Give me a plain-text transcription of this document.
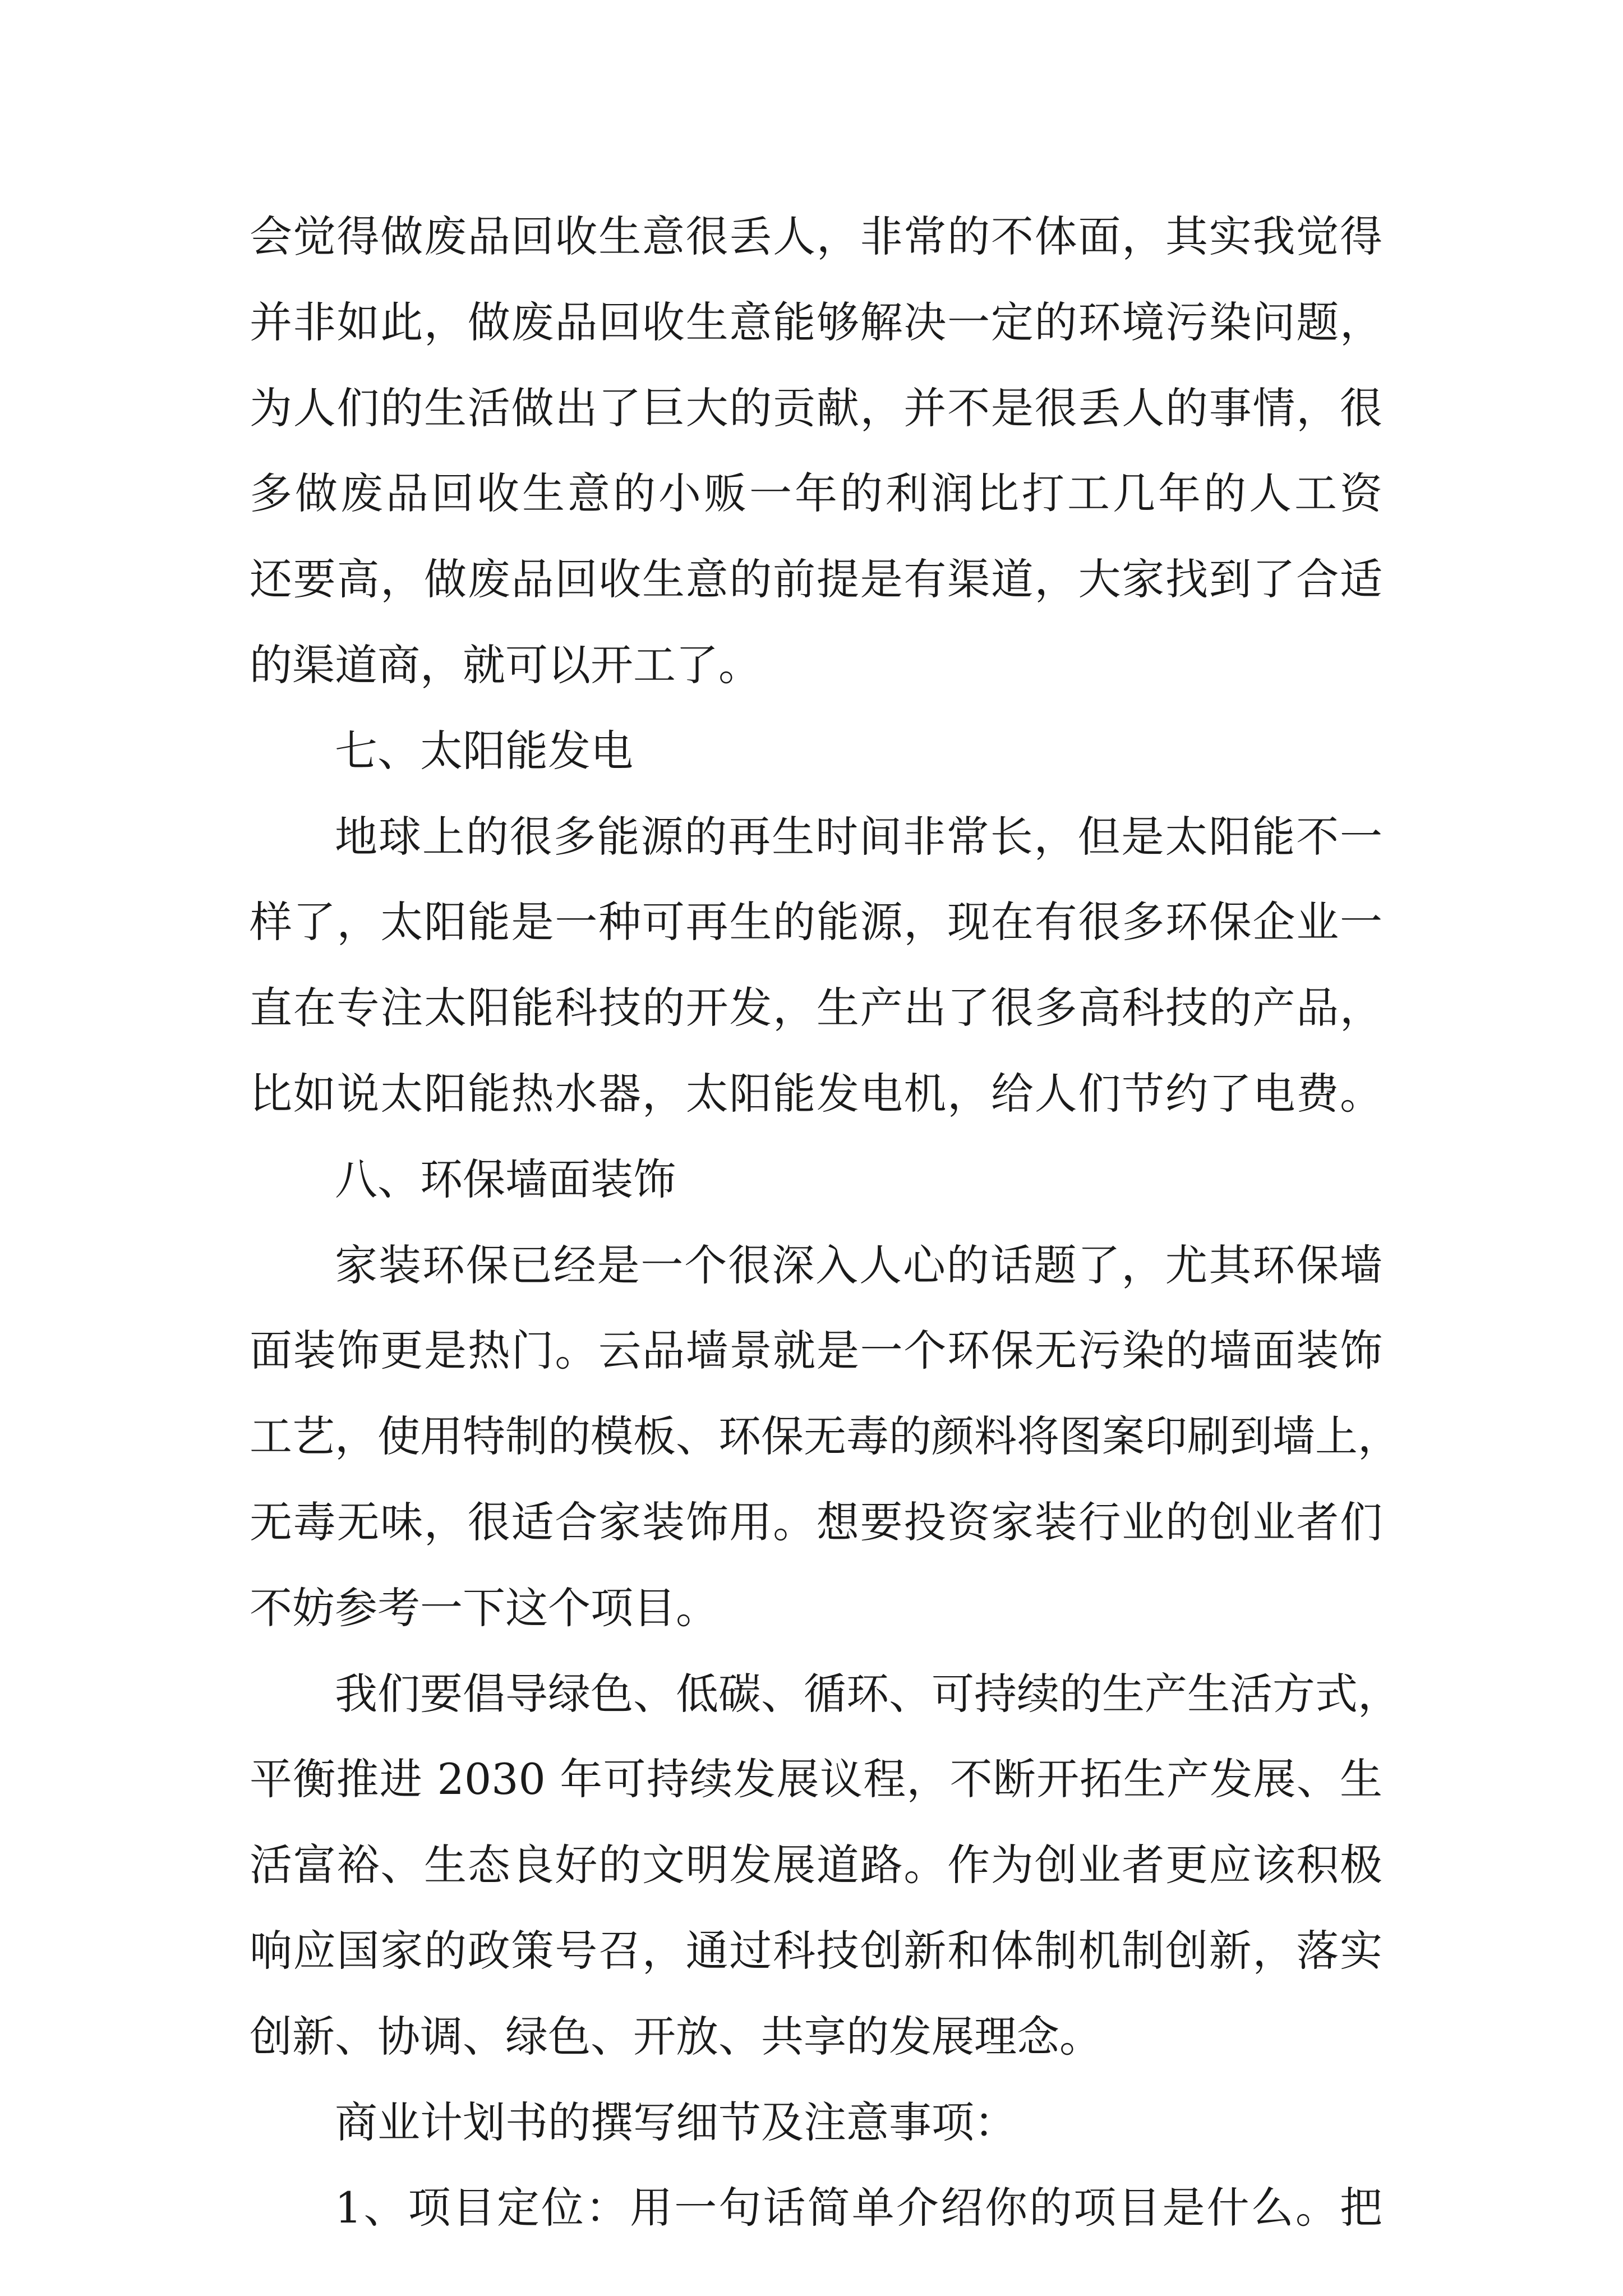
会觉得做废品回收生意很丢人，非常的不体面，其实我觉得
并非如此，做废品回收生意能够解决一定的环境污染问题，
为人们的生活做出了巨大的贡献，并不是很丢人的事情，很
多做废品回收生意的小贩一年的利润比打工几年的人工资
还要高，做废品回收生意的前提是有渠道，大家找到了合适
的渠道商，就可以开工了。
七、太阳能发电
地球上的很多能源的再生时间非常长，但是太阳能不一
样了，太阳能是一种可再生的能源，现在有很多环保企业一
直在专注太阳能科技的开发，生产出了很多高科技的产品，
比如说太阳能热水器，太阳能发电机，给人们节约了电费。
八、环保墙面装饰
家装环保已经是一个很深入人心的话题了，尤其环保墙
面装饰更是热门。云品墙景就是一个环保无污染的墙面装饰
工艺，使用特制的模板、环保无毒的颜料将图案印刷到墙上，
无毒无味，很适合家装饰用。想要投资家装行业的创业者们
不妨参考一下这个项目。
我们要倡导绿色、低碳、循环、可持续的生产生活方式，
平衡推进 2030 年可持续发展议程，不断开拓生产发展、生
活富裕、生态良好的文明发展道路。作为创业者更应该积极
响应国家的政策号召，通过科技创新和体制机制创新，落实
创新、协调、绿色、开放、共享的发展理念。
商业计划书的撰写细节及注意事项：
1、项目定位：用一句话简单介绍你的项目是什么。把
